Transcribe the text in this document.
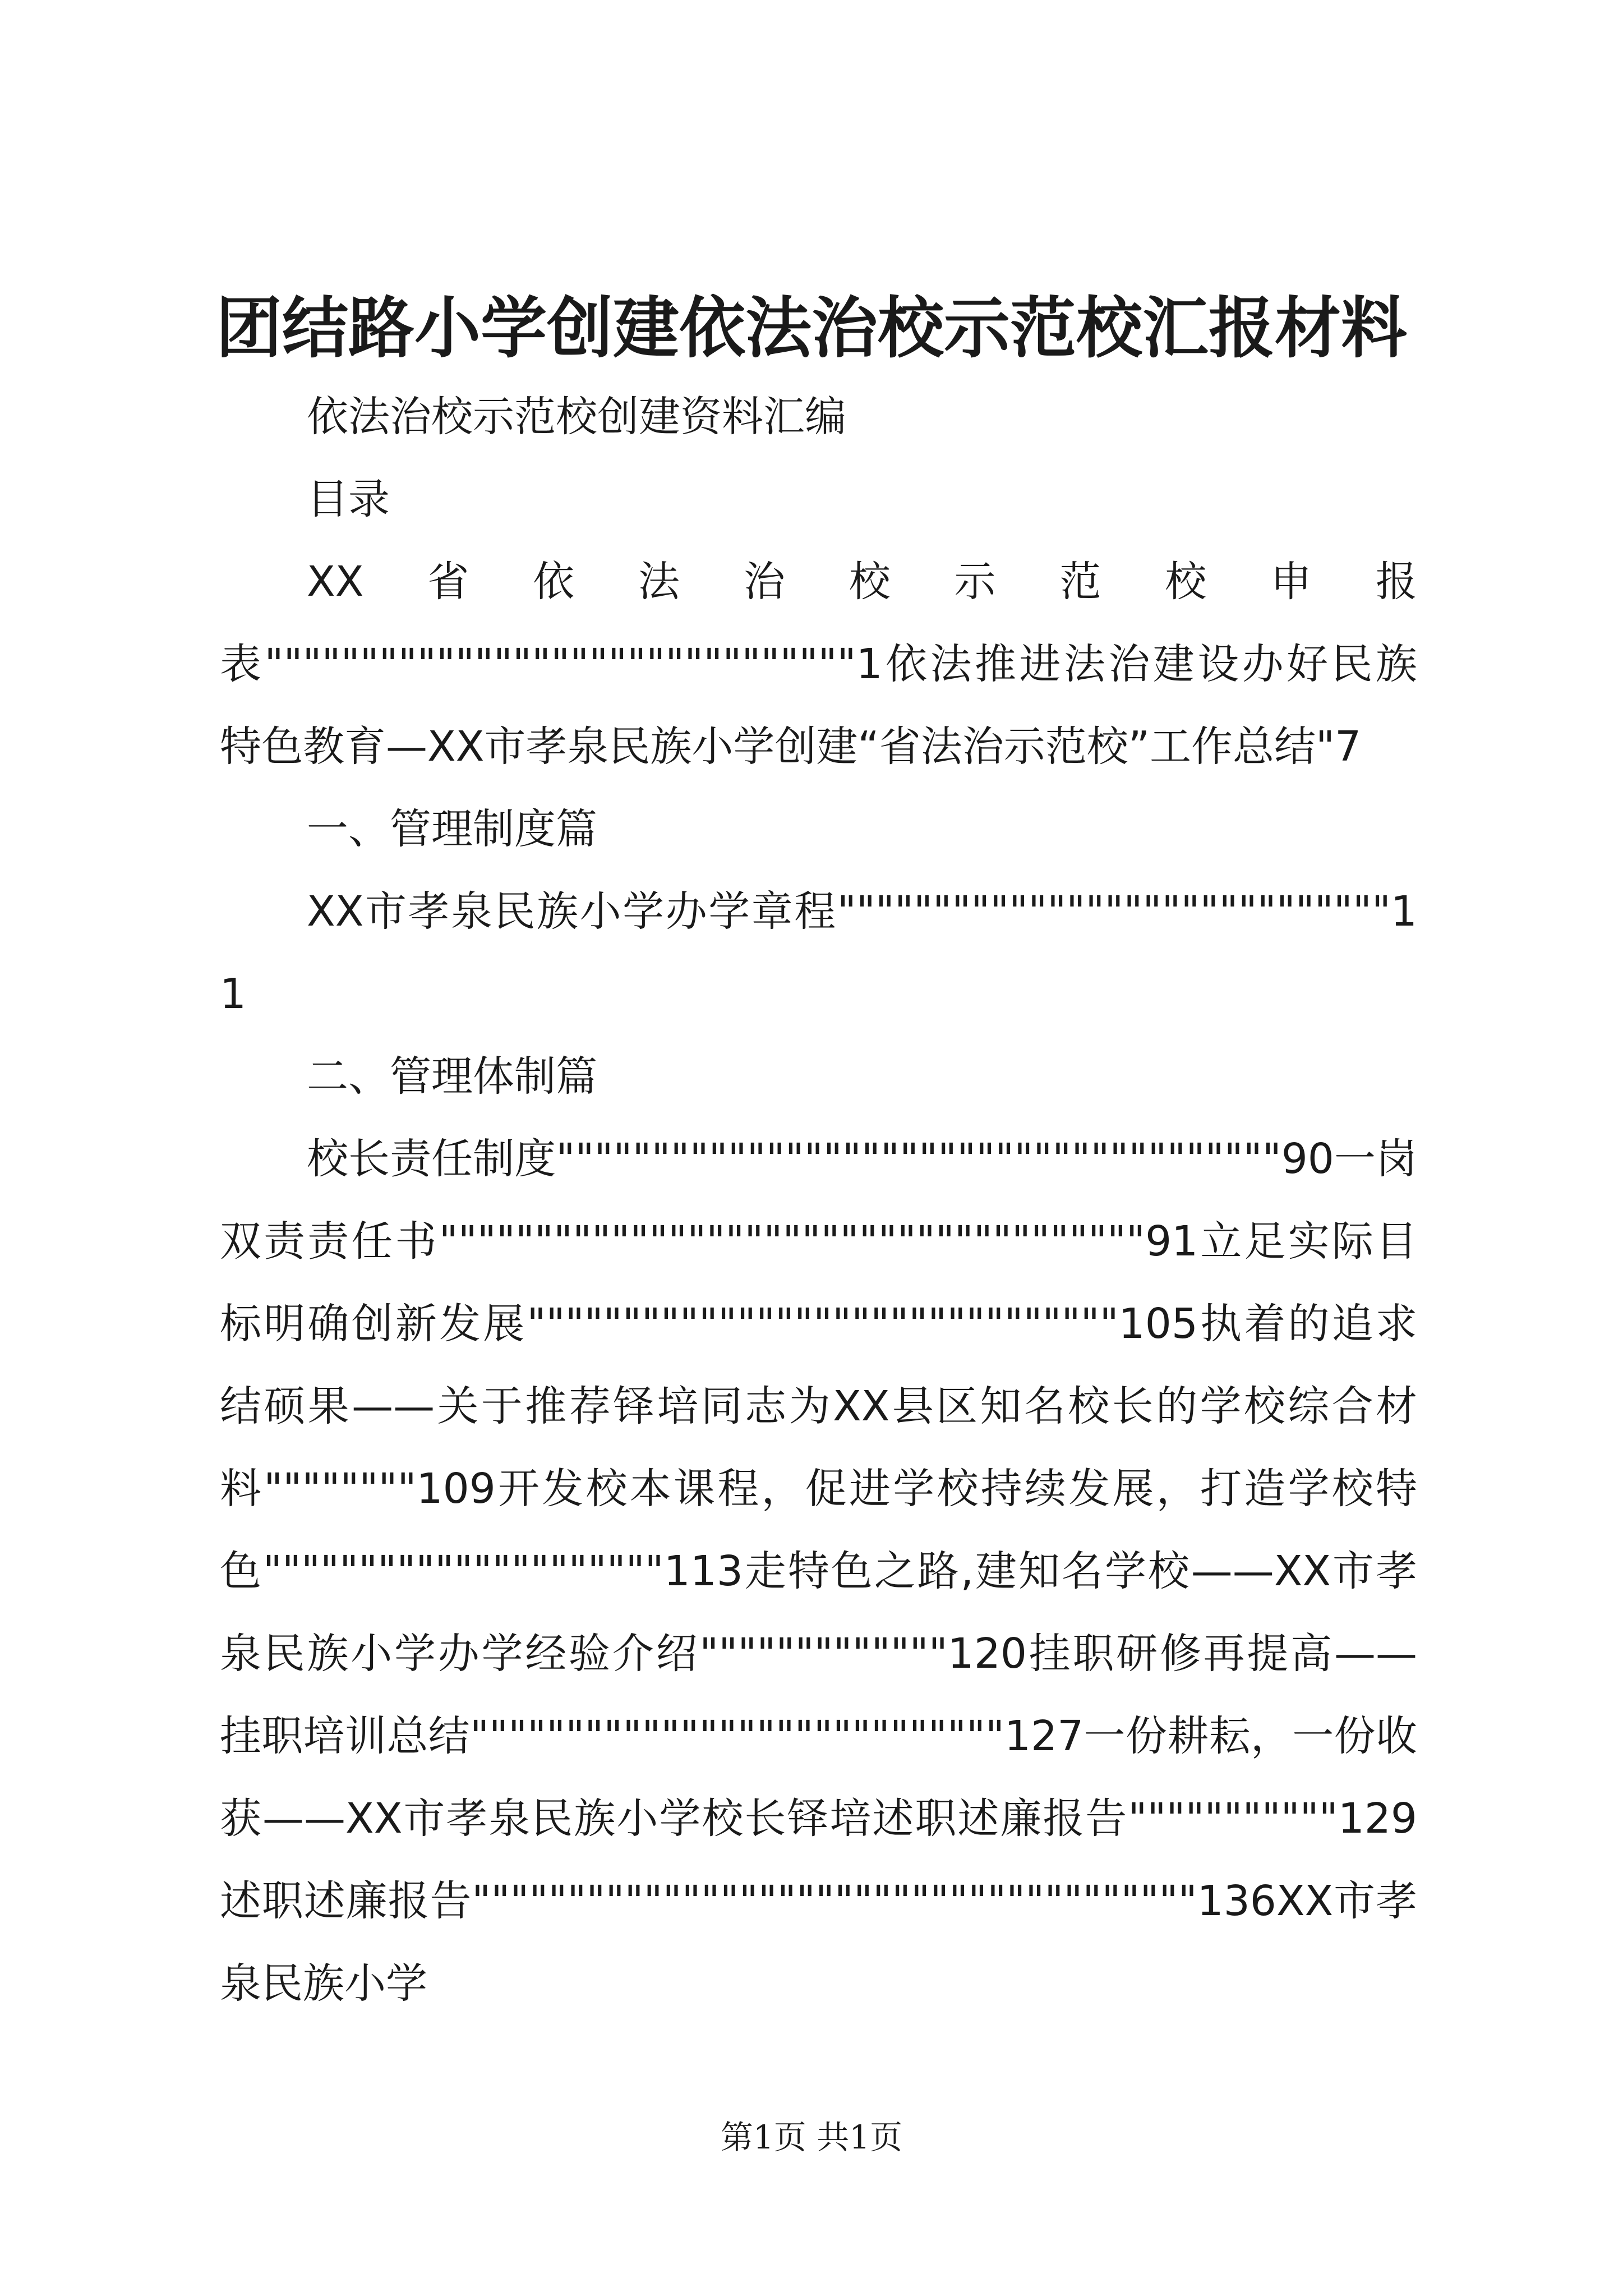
团结路小学创建依法治校示范校汇报材料

依法治校示范校创建资料汇编

目录

XX省依法治校示范校申报表"""""""""""""""""""""""""""""""1依法推进法治建设办好民族特色教育—XX市孝泉民族小学创建“省法治示范校”工作总结"7

一、管理制度篇

XX市孝泉民族小学办学章程"""""""""""""""""""""""""""""11

二、管理体制篇

校长责任制度""""""""""""""""""""""""""""""""""""""90一岗双责责任书"""""""""""""""""""""""""""""""""""""91立足实际目标明确创新发展"""""""""""""""""""""""""""""""105执着的追求结硕果——关于推荐铎培同志为XX县区知名校长的学校综合材料""""""""109开发校本课程，促进学校持续发展，打造学校特色"""""""""""""""""""""113走特色之路,建知名学校——XX市孝泉民族小学办学经验介绍"""""""""""""120挂职研修再提高——挂职培训总结""""""""""""""""""""""""""""127一份耕耘，一份收获——XX市孝泉民族小学校长铎培述职述廉报告"""""""""""129述职述廉报告""""""""""""""""""""""""""""""""""""""136XX市孝泉民族小学

第1页 共1页
